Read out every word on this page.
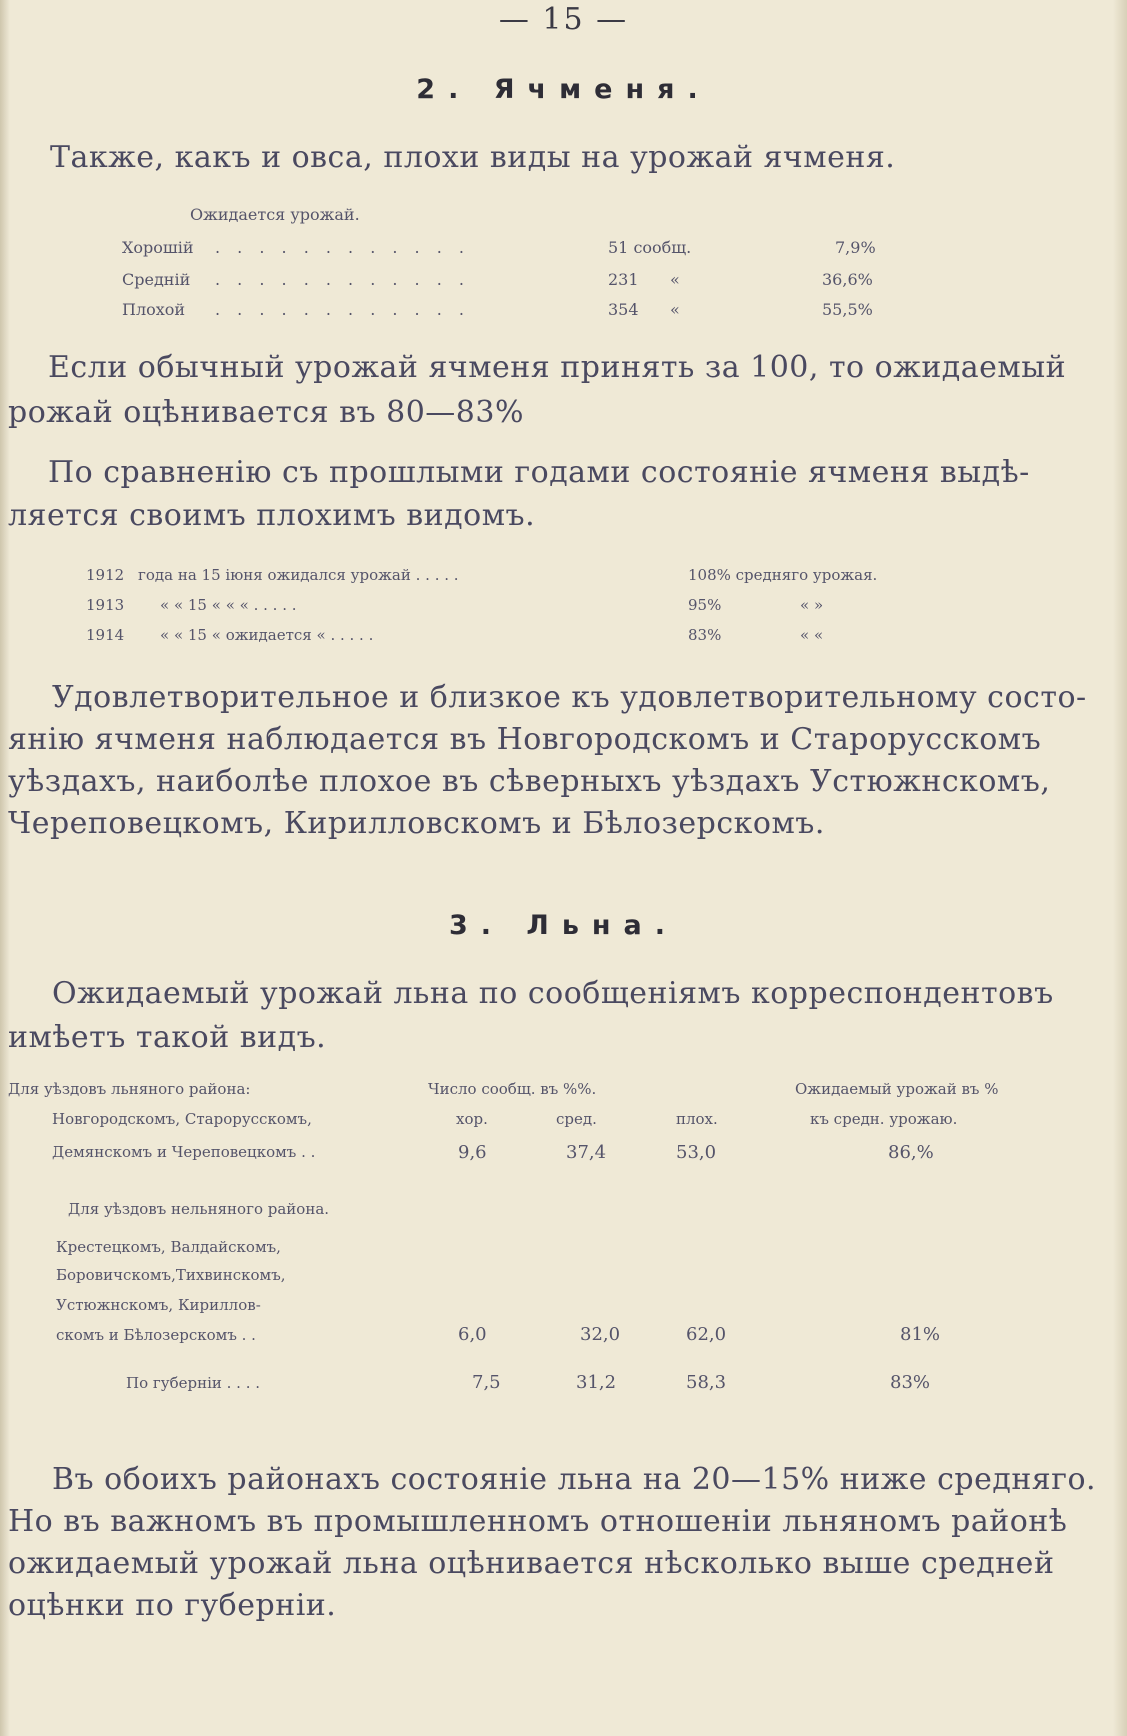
— 15 —
2. Ячменя.
Также, какъ и овса, плохи виды на урожай ячменя.
Ожидается урожай.
Хорошій . . . . . . . . . . . .	51 сообщ.	7,9%
Средній . . . . . . . . . . . .	231 «	36,6%
Плохой . . . . . . . . . . . .	354 «	55,5%
Если обычный урожай ячменя принять за 100, то ожидаемый
рожай оцѣнивается въ 80—83%
По сравненію съ прошлыми годами состояніе ячменя выдѣ-
ляется своимъ плохимъ видомъ.
1912 года на 15 іюня ожидался урожай . . . . .	108% средняго урожая.
1913 « « 15 « « « . . . . .	95%	« »
1914 « « 15 « ожидается « . . . . .	83%	« «
Удовлетворительное и близкое къ удовлетворительному состо-
янію ячменя наблюдается въ Новгородскомъ и Старорусскомъ
уѣздахъ, наиболѣе плохое въ сѣверныхъ уѣздахъ Устюжнскомъ,
Череповецкомъ, Кирилловскомъ и Бѣлозерскомъ.
3. Льна.
Ожидаемый урожай льна по сообщеніямъ корреспондентовъ
имѣетъ такой видъ.
Для уѣздовъ льняного района:	Число сообщ. въ %%.	Ожидаемый урожай въ %
Новгородскомъ, Старорусскомъ,	хор.	сред.	плох.	къ средн. урожаю.
Демянскомъ и Череповецкомъ . .	9,6	37,4	53,0	86,%
Для уѣздовъ нельняного района.
Крестецкомъ, Валдайскомъ,
Боровичскомъ,Тихвинскомъ,
Устюжнскомъ, Кириллов-
скомъ и Бѣлозерскомъ . .	6,0	32,0	62,0	81%
По губерніи . . . .	7,5	31,2	58,3	83%
Въ обоихъ районахъ состояніе льна на 20—15% ниже средняго.
Но въ важномъ въ промышленномъ отношеніи льняномъ районѣ
ожидаемый урожай льна оцѣнивается нѣсколько выше средней
оцѣнки по губерніи.
